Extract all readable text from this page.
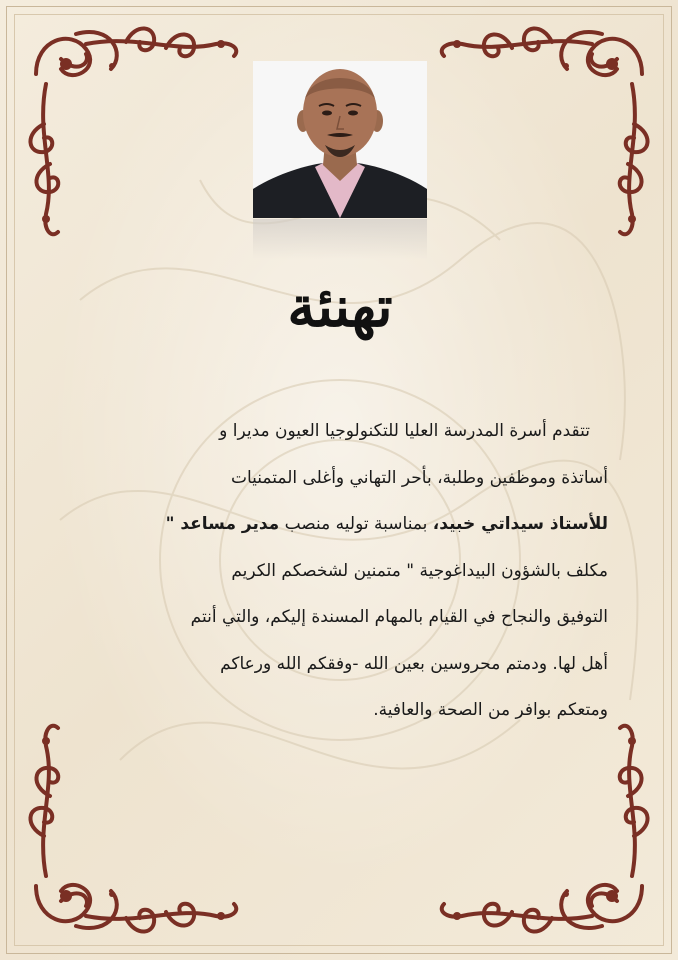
تهنئة
تتقدم أسرة المدرسة العليا للتكنولوجيا العيون مديرا و
أساتذة وموظفين وطلبة، بأحر التهاني وأغلى المتمنيات
للأستاذ سيداتي خبيد، بمناسبة توليه منصب مدير مساعد "
مكلف بالشؤون البيداغوجية " متمنين لشخصكم الكريم
التوفيق والنجاح في القيام بالمهام المسندة إليكم، والتي أنتم
أهل لها. ودمتم محروسين بعين الله -وفقكم الله ورعاكم
ومتعكم بوافر من الصحة والعافية.
